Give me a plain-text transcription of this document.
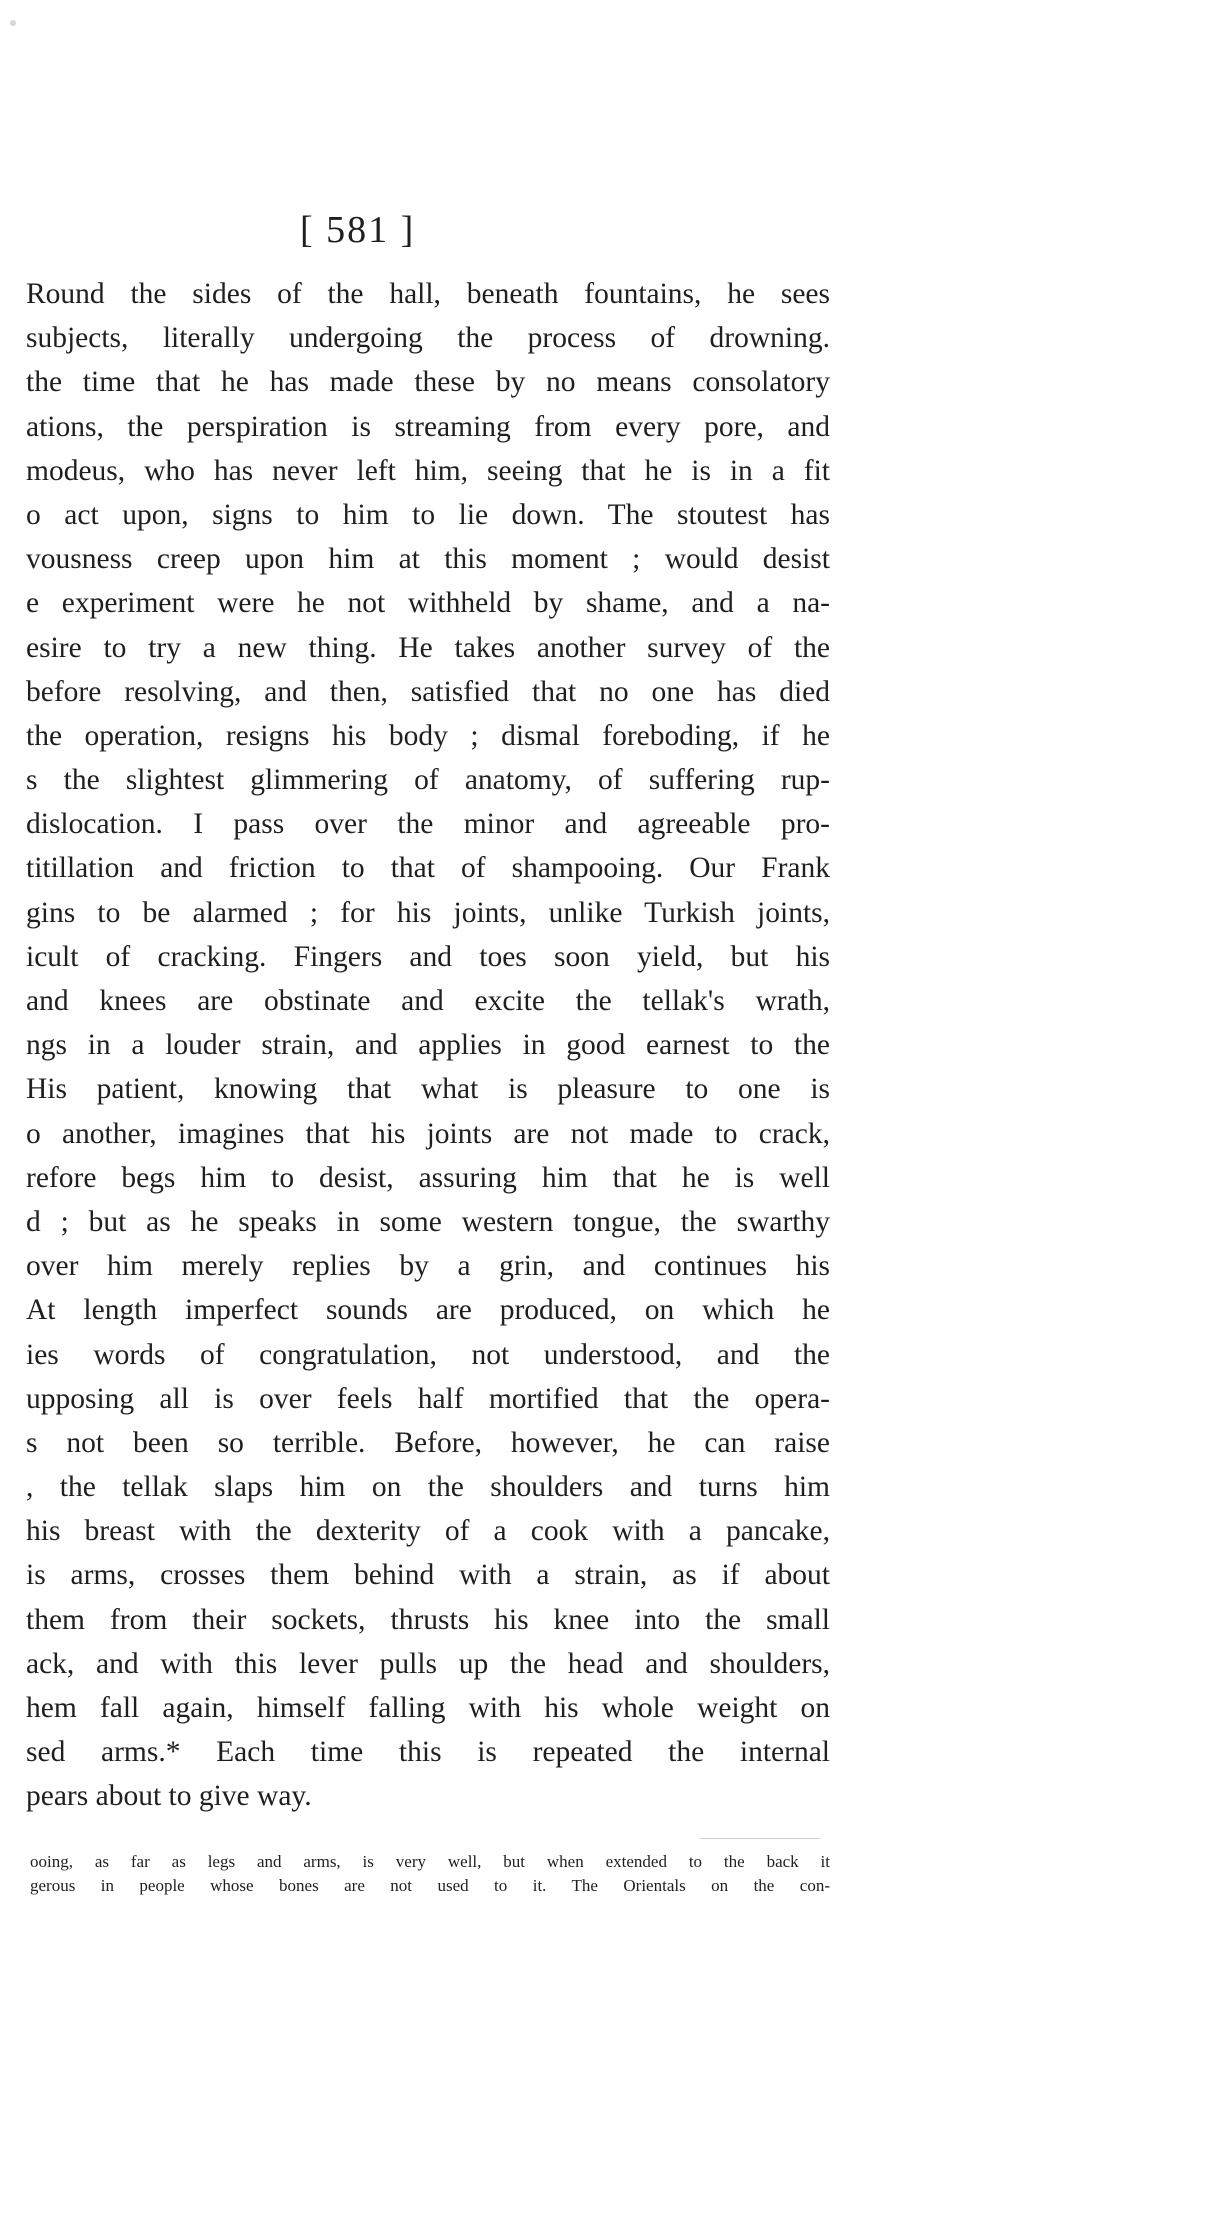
[ 581 ]
Round the sides of the hall, beneath fountains, he sees
subjects, literally undergoing the process of drowning.
the time that he has made these by no means consolatory
ations, the perspiration is streaming from every pore, and
modeus, who has never left him, seeing that he is in a fit
o act upon, signs to him to lie down. The stoutest has
vousness creep upon him at this moment ; would desist
e experiment were he not withheld by shame, and a na-
esire to try a new thing. He takes another survey of the
before resolving, and then, satisfied that no one has died
the operation, resigns his body ; dismal foreboding, if he
s the slightest glimmering of anatomy, of suffering rup-
dislocation. I pass over the minor and agreeable pro-
titillation and friction to that of shampooing. Our Frank
gins to be alarmed ; for his joints, unlike Turkish joints,
icult of cracking. Fingers and toes soon yield, but his
and knees are obstinate and excite the tellak's wrath,
ngs in a louder strain, and applies in good earnest to the
His patient, knowing that what is pleasure to one is
o another, imagines that his joints are not made to crack,
refore begs him to desist, assuring him that he is well
d ; but as he speaks in some western tongue, the swarthy
over him merely replies by a grin, and continues his
At length imperfect sounds are produced, on which he
ies words of congratulation, not understood, and the
upposing all is over feels half mortified that the opera-
s not been so terrible. Before, however, he can raise
, the tellak slaps him on the shoulders and turns him
his breast with the dexterity of a cook with a pancake,
is arms, crosses them behind with a strain, as if about
them from their sockets, thrusts his knee into the small
ack, and with this lever pulls up the head and shoulders,
hem fall again, himself falling with his whole weight on
sed arms.* Each time this is repeated the internal
pears about to give way.
ooing, as far as legs and arms, is very well, but when extended to the back it
gerous in people whose bones are not used to it. The Orientals on the con-
